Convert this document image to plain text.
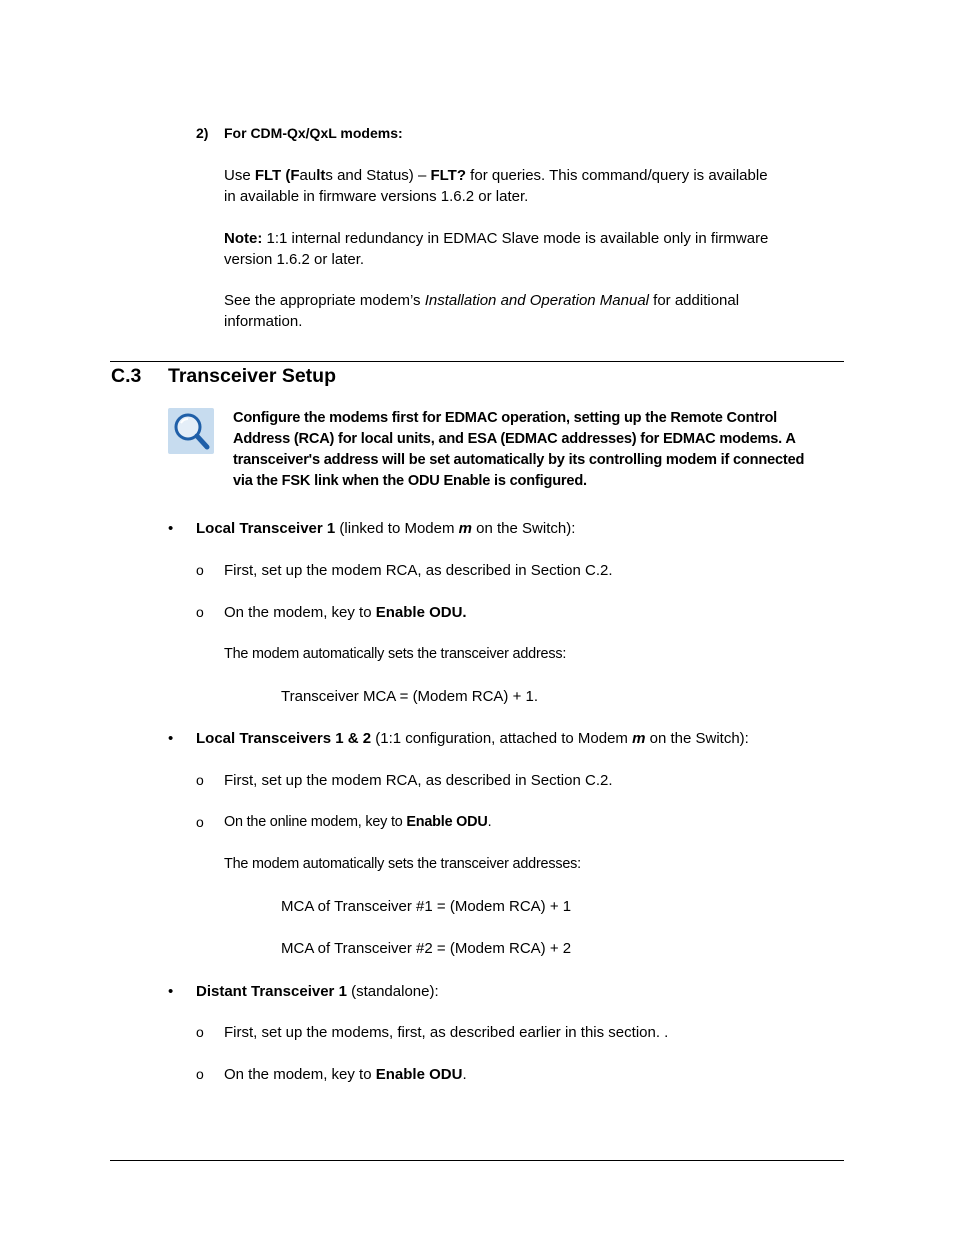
2) For CDM-Qx/QxL modems:
Use FLT (Faults and Status) – FLT? for queries. This command/query is available
in available in firmware versions 1.6.2 or later.
Note: 1:1 internal redundancy in EDMAC Slave mode is available only in firmware
version 1.6.2 or later.
See the appropriate modem’s Installation and Operation Manual for additional
information.
C.3 Transceiver Setup
Configure the modems first for EDMAC operation, setting up the Remote Control Address (RCA) for local units, and ESA (EDMAC addresses) for EDMAC modems. A transceiver's address will be set automatically by its controlling modem if connected via the FSK link when the ODU Enable is configured.
• Local Transceiver 1 (linked to Modem m on the Switch):
o First, set up the modem RCA, as described in Section C.2.
o On the modem, key to Enable ODU.
The modem automatically sets the transceiver address:
Transceiver MCA = (Modem RCA) + 1.
• Local Transceivers 1 & 2 (1:1 configuration, attached to Modem m on the Switch):
o First, set up the modem RCA, as described in Section C.2.
o On the online modem, key to Enable ODU.
The modem automatically sets the transceiver addresses:
MCA of Transceiver #1 = (Modem RCA) + 1
MCA of Transceiver #2 = (Modem RCA) + 2
• Distant Transceiver 1 (standalone):
o First, set up the modems, first, as described earlier in this section. .
o On the modem, key to Enable ODU.
